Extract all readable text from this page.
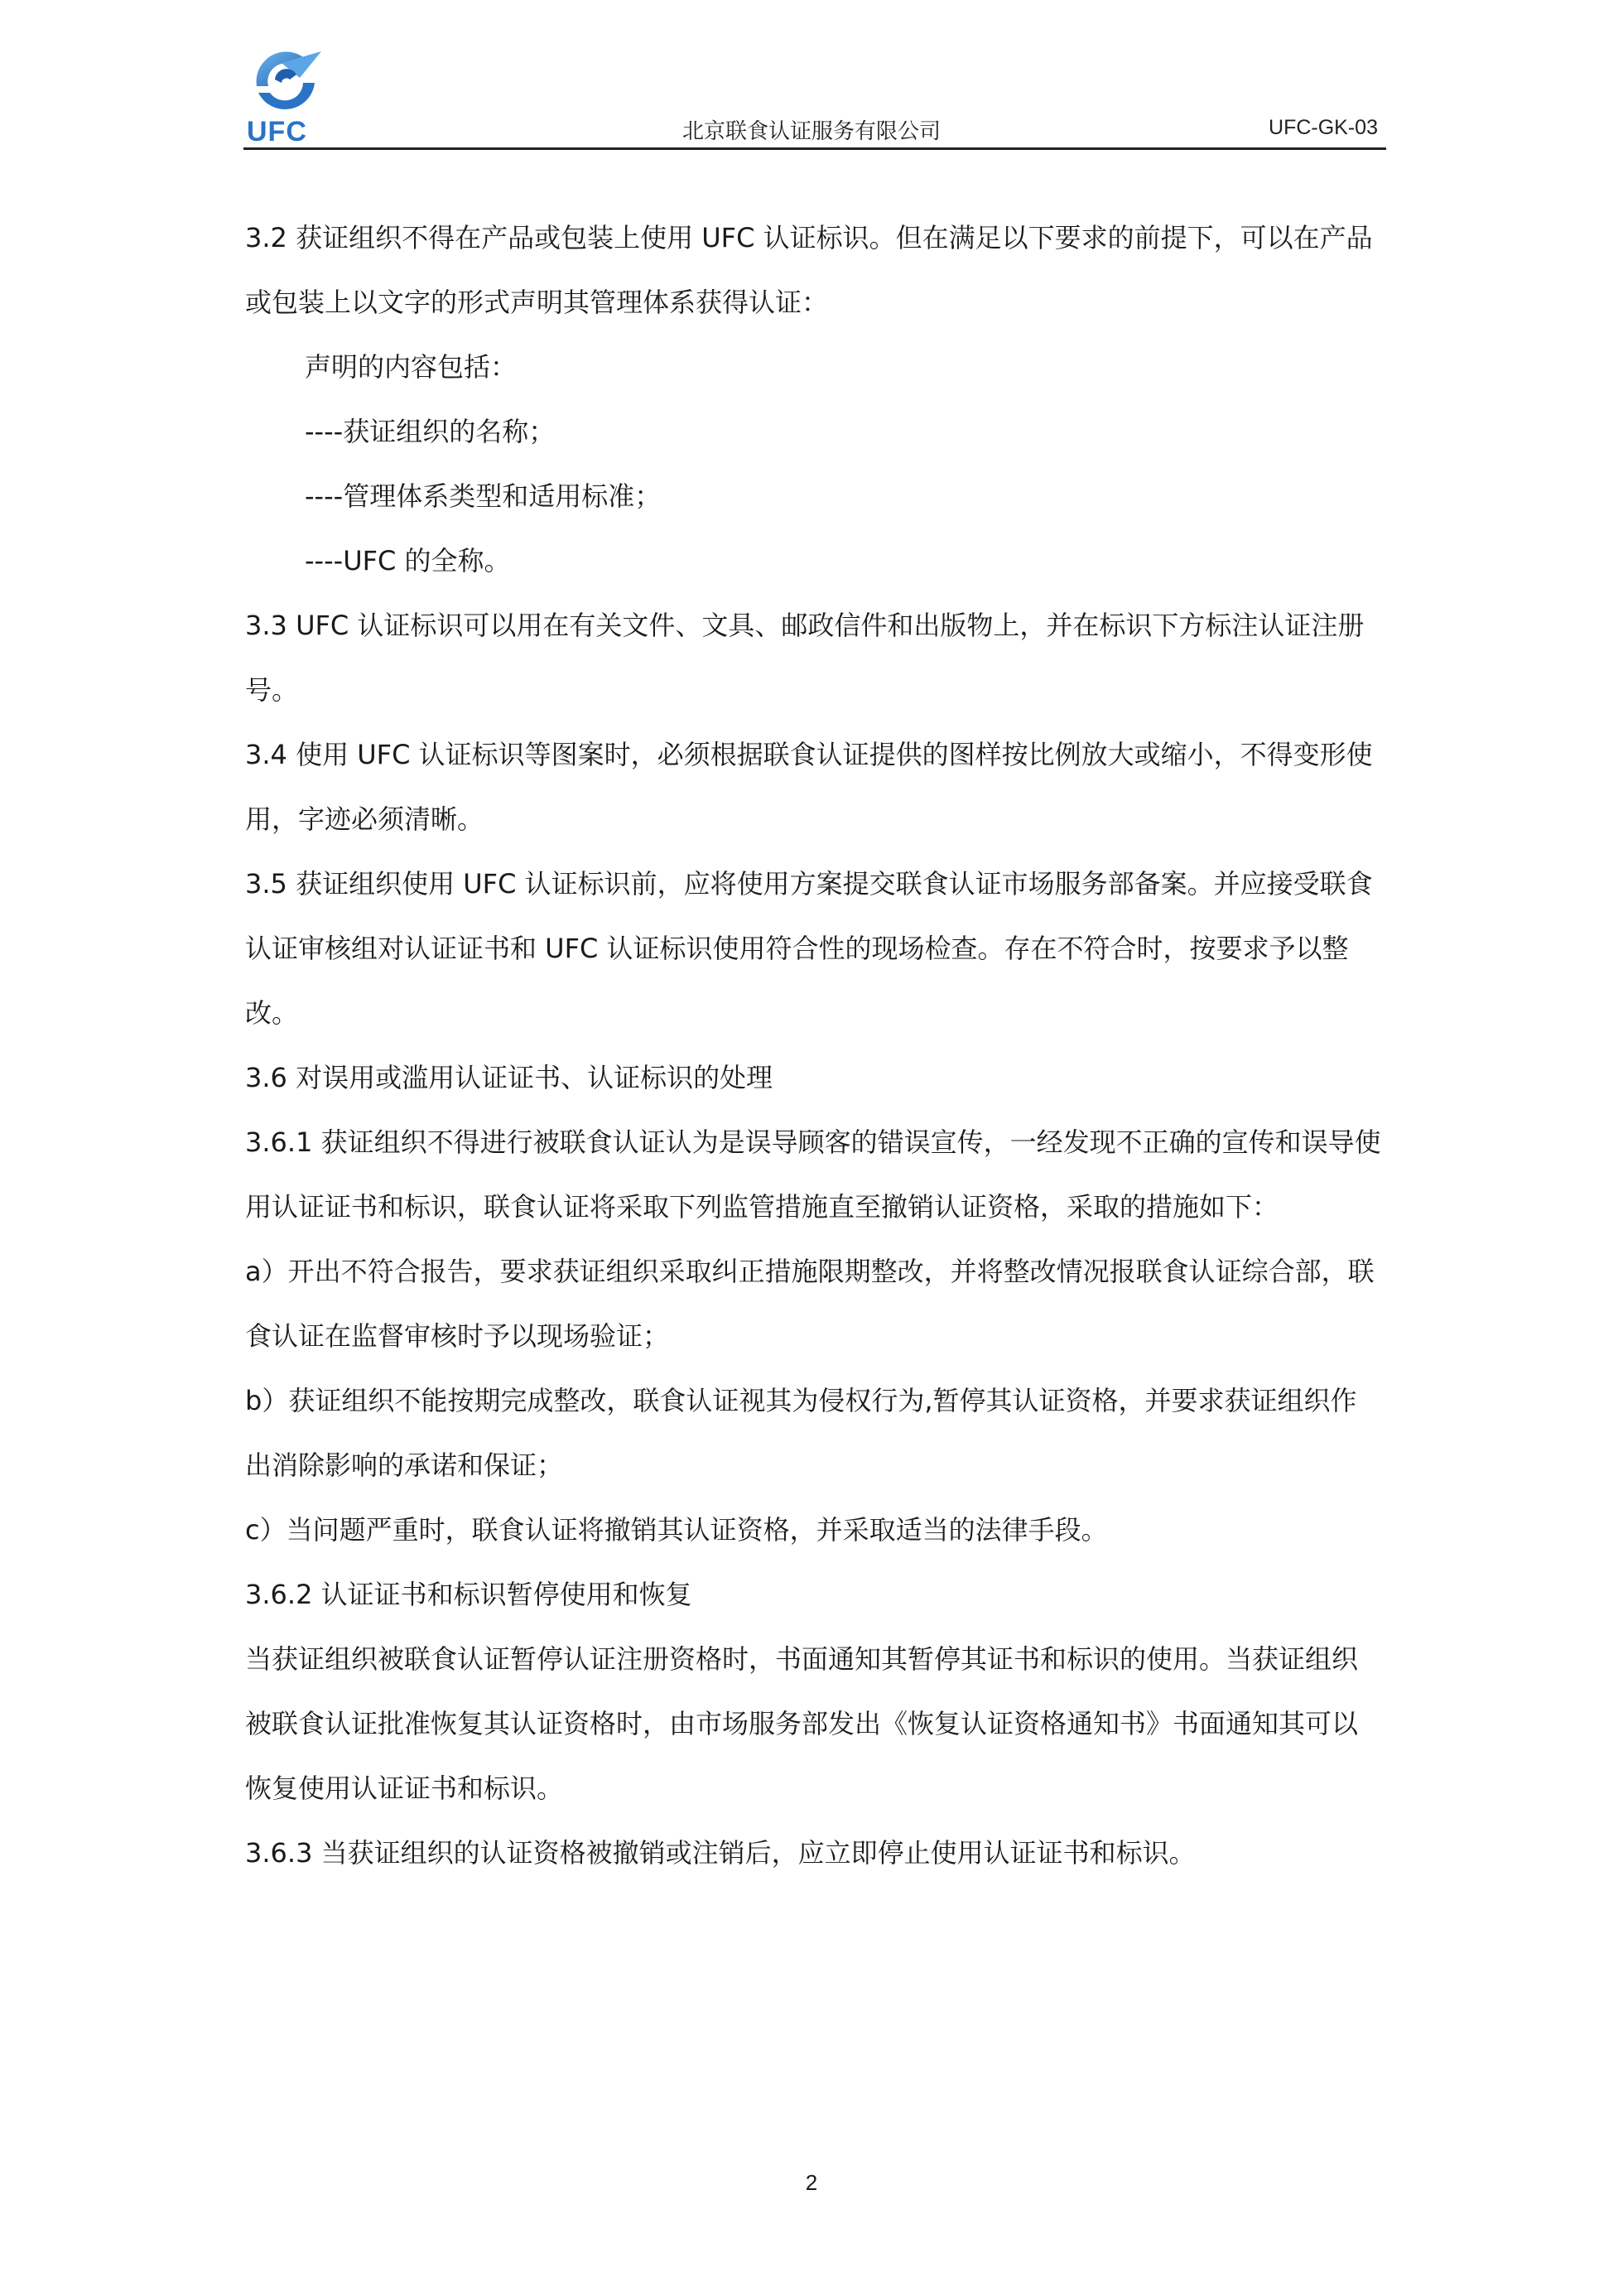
UFC	北京联食认证服务有限公司	UFC-GK-03

3.2 获证组织不得在产品或包装上使用 UFC 认证标识。但在满足以下要求的前提下，可以在产品或包装上以文字的形式声明其管理体系获得认证：

声明的内容包括：

----获证组织的名称；

----管理体系类型和适用标准；

----UFC 的全称。

3.3 UFC 认证标识可以用在有关文件、文具、邮政信件和出版物上，并在标识下方标注认证注册号。

3.4 使用 UFC 认证标识等图案时，必须根据联食认证提供的图样按比例放大或缩小，不得变形使用，字迹必须清晰。

3.5 获证组织使用 UFC 认证标识前，应将使用方案提交联食认证市场服务部备案。并应接受联食认证审核组对认证证书和 UFC 认证标识使用符合性的现场检查。存在不符合时，按要求予以整改。

3.6 对误用或滥用认证证书、认证标识的处理

3.6.1 获证组织不得进行被联食认证认为是误导顾客的错误宣传，一经发现不正确的宣传和误导使用认证证书和标识，联食认证将采取下列监管措施直至撤销认证资格，采取的措施如下：

a）开出不符合报告，要求获证组织采取纠正措施限期整改，并将整改情况报联食认证综合部，联食认证在监督审核时予以现场验证；

b）获证组织不能按期完成整改，联食认证视其为侵权行为,暂停其认证资格，并要求获证组织作出消除影响的承诺和保证；

c）当问题严重时，联食认证将撤销其认证资格，并采取适当的法律手段。

3.6.2 认证证书和标识暂停使用和恢复

当获证组织被联食认证暂停认证注册资格时，书面通知其暂停其证书和标识的使用。当获证组织被联食认证批准恢复其认证资格时，由市场服务部发出《恢复认证资格通知书》书面通知其可以恢复使用认证证书和标识。

3.6.3 当获证组织的认证资格被撤销或注销后，应立即停止使用认证证书和标识。

2
